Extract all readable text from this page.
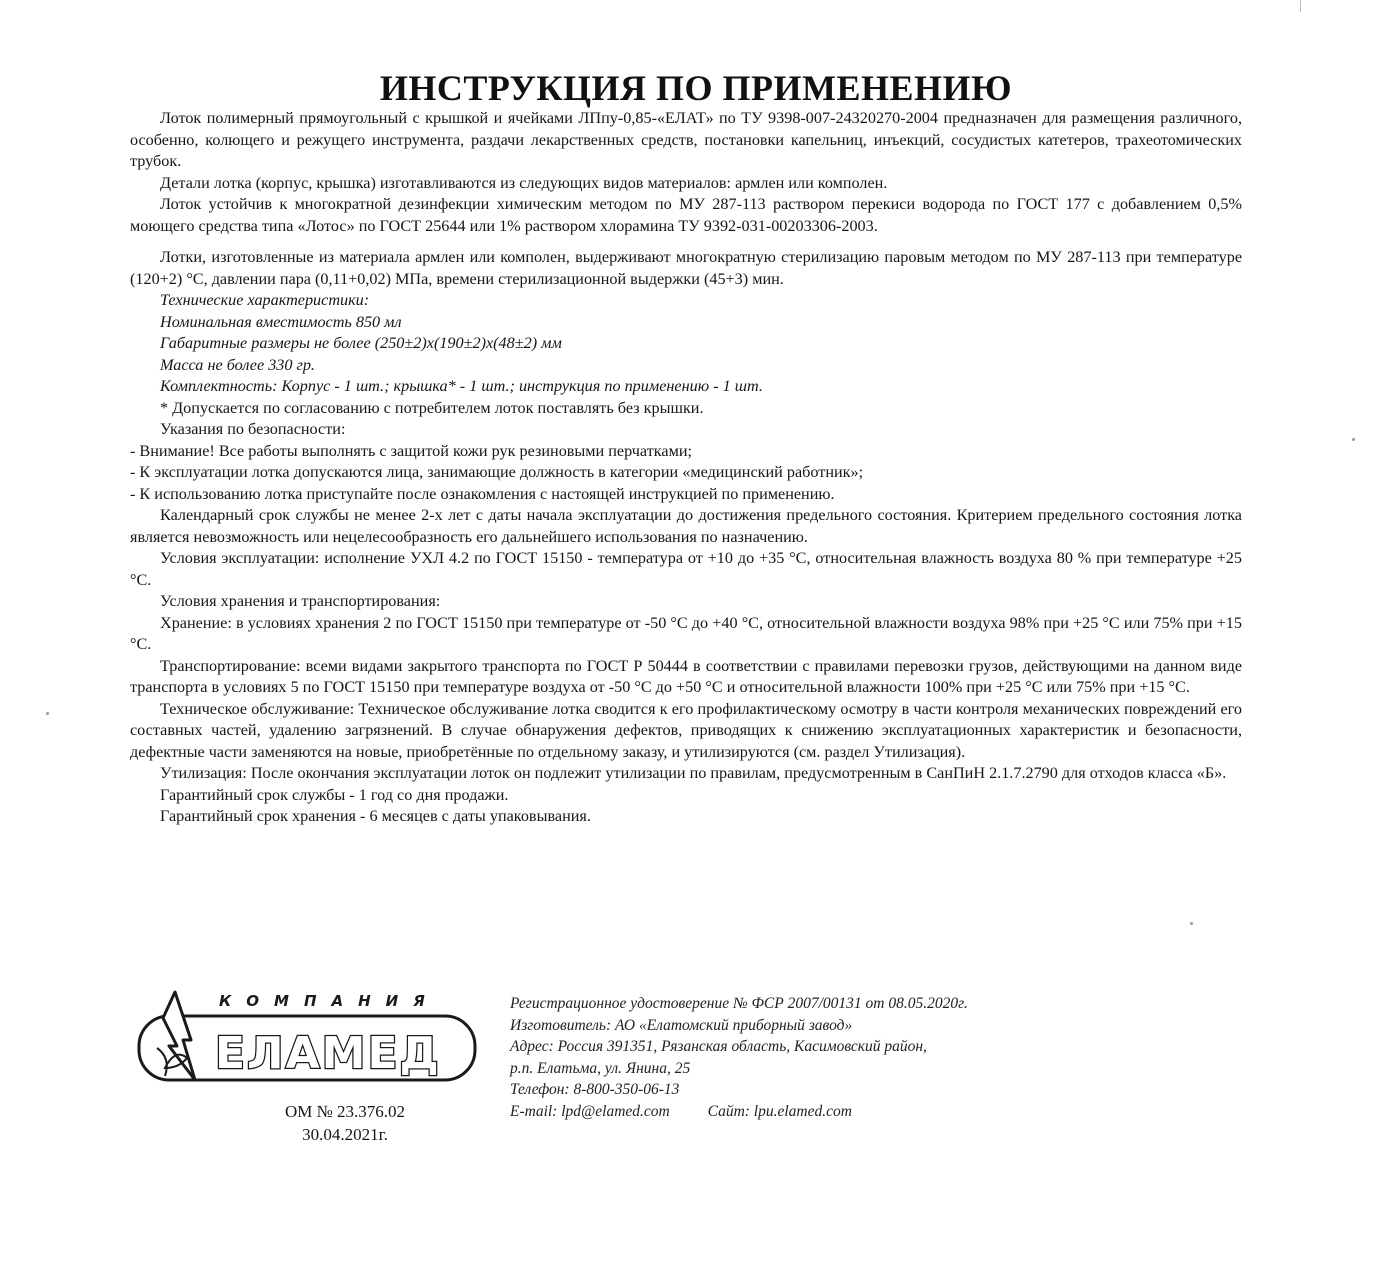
ИНСТРУКЦИЯ ПО ПРИМЕНЕНИЮ

Лоток полимерный прямоугольный с крышкой и ячейками ЛПпу-0,85-«ЕЛАТ» по ТУ 9398-007-24320270-2004 предназначен для размещения различного, особенно, колющего и режущего инструмента, раздачи лекарственных средств, постановки капельниц, инъекций, сосудистых катетеров, трахеотомических трубок.

Детали лотка (корпус, крышка) изготавливаются из следующих видов материалов: армлен или комполен.

Лоток устойчив к многократной дезинфекции химическим методом по МУ 287-113 раствором перекиси водорода по ГОСТ 177 с добавлением 0,5% моющего средства типа «Лотос» по ГОСТ 25644 или 1% раствором хлорамина ТУ 9392-031-00203306-2003.

Лотки, изготовленные из материала армлен или комполен, выдерживают многократную стерилизацию паровым методом по МУ 287-113 при температуре (120+2) °С, давлении пара (0,11+0,02) МПа, времени стерилизационной выдержки (45+3) мин.

Технические характеристики:

Номинальная вместимость 850 мл

Габаритные размеры не более (250±2)х(190±2)х(48±2) мм

Масса не более 330 гр.

Комплектность: Корпус - 1 шт.; крышка* - 1 шт.; инструкция по применению - 1 шт.

* Допускается по согласованию с потребителем лоток поставлять без крышки.

Указания по безопасности:

- Внимание! Все работы выполнять с защитой кожи рук резиновыми перчатками;

- К эксплуатации лотка допускаются лица, занимающие должность в категории «медицинский работник»;

- К использованию лотка приступайте после ознакомления с настоящей инструкцией по применению.

Календарный срок службы не менее 2-х лет с даты начала эксплуатации до достижения предельного состояния. Критерием предельного состояния лотка является невозможность или нецелесообразность его дальнейшего использования по назначению.

Условия эксплуатации: исполнение УХЛ 4.2 по ГОСТ 15150 - температура от +10 до +35 °С, относительная влажность воздуха 80 % при температуре +25 °С.

Условия хранения и транспортирования:

Хранение: в условиях хранения 2 по ГОСТ 15150 при температуре от -50 °С до +40 °С, относительной влажности воздуха 98% при +25 °С или 75% при +15 °С.

Транспортирование: всеми видами закрытого транспорта по ГОСТ Р 50444 в соответствии с правилами перевозки грузов, действующими на данном виде транспорта в условиях 5 по ГОСТ 15150 при температуре воздуха от -50 °С до +50 °С и относительной влажности 100% при +25 °С или 75% при +15 °С.

Техническое обслуживание: Техническое обслуживание лотка сводится к его профилактическому осмотру в части контроля механических повреждений его составных частей, удалению загрязнений. В случае обнаружения дефектов, приводящих к снижению эксплуатационных характеристик и безопасности, дефектные части заменяются на новые, приобретённые по отдельному заказу, и утилизируются (см. раздел Утилизация).

Утилизация: После окончания эксплуатации лоток он подлежит утилизации по правилам, предусмотренным в СанПиН 2.1.7.2790 для отходов класса «Б».

Гарантийный срок службы - 1 год со дня продажи.

Гарантийный срок хранения - 6 месяцев с даты упаковывания.

КОМПАНИЯ
ЕЛАМЕД
ОМ № 23.376.02
30.04.2021г.
Регистрационное удостоверение № ФСР 2007/00131 от 08.05.2020г.
Изготовитель: АО «Елатомский приборный завод»
Адрес: Россия 391351, Рязанская область, Касимовский район,
р.п. Елатьма, ул. Янина, 25
Телефон: 8-800-350-06-13
E-mail: lpd@elamed.com Сайт: lpu.elamed.com
